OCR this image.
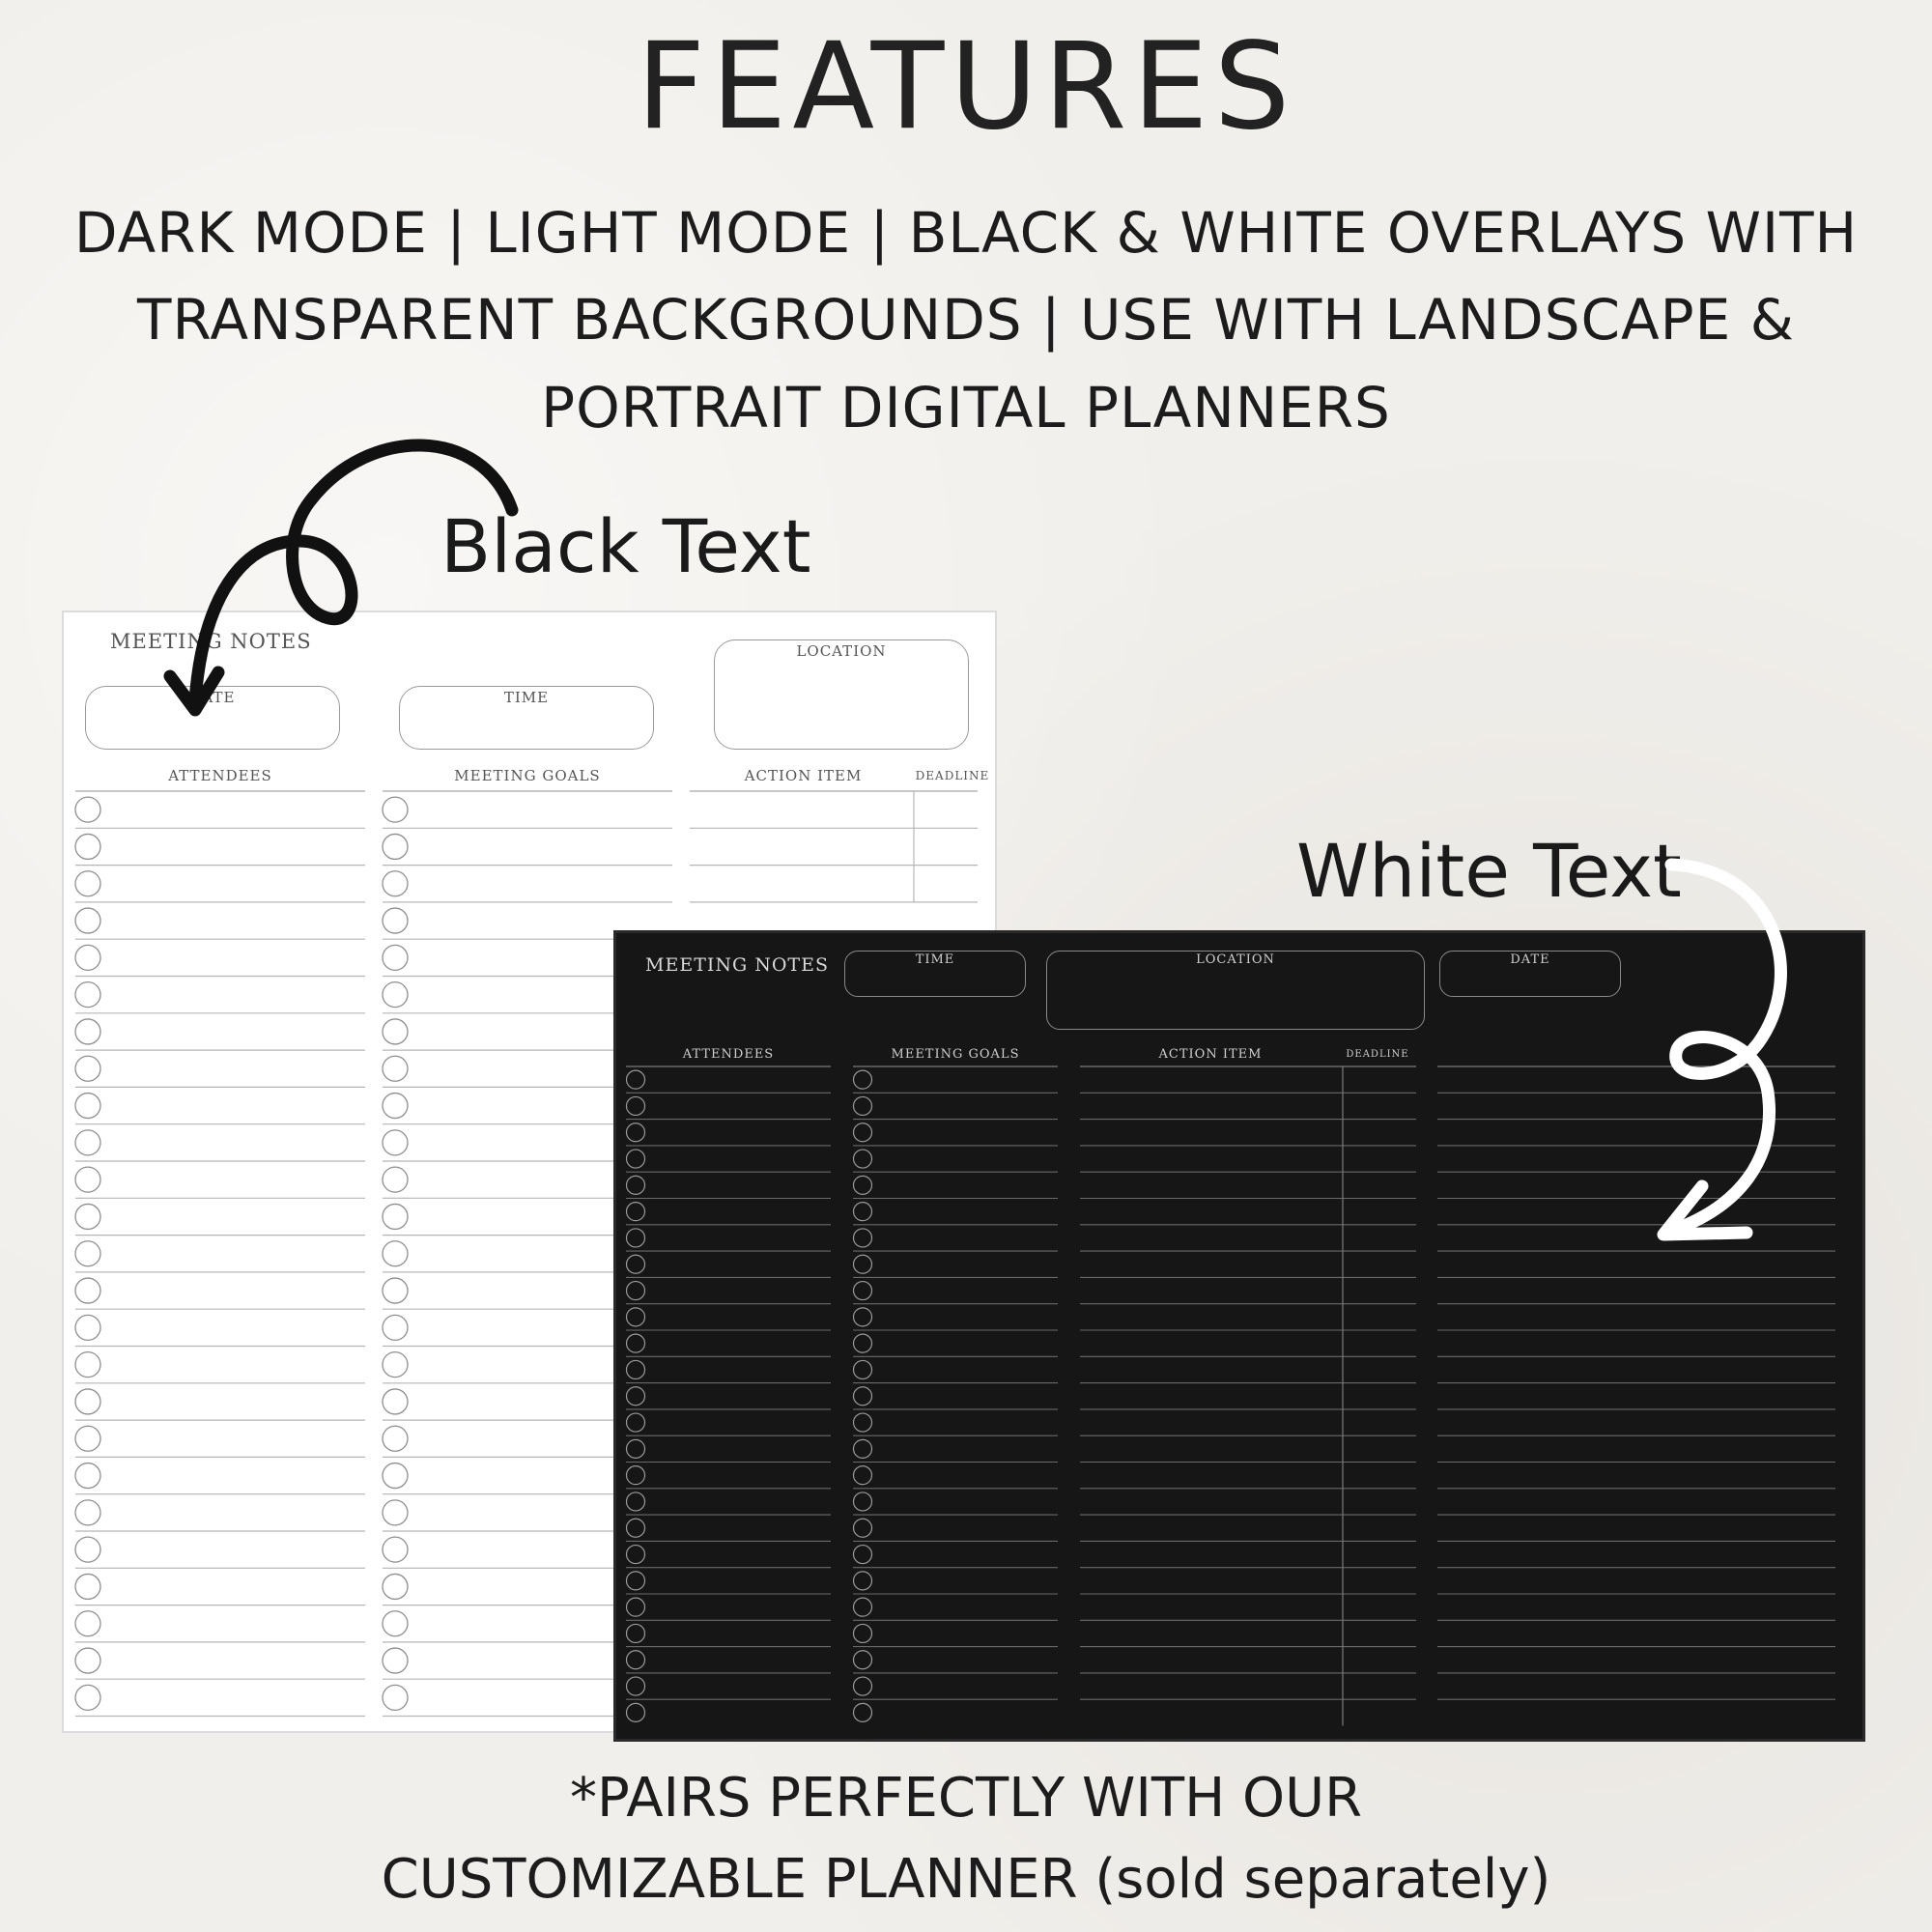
FEATURES
DARK MODE | LIGHT MODE | BLACK & WHITE OVERLAYS WITH
TRANSPARENT BACKGROUNDS | USE WITH LANDSCAPE &
PORTRAIT DIGITAL PLANNERS
Black Text
MEETING NOTES
DATE	TIME
LOCATION
ATTENDEES	MEETING GOALS	ACTION ITEM	DEADLINE
MEETING NOTES	TIME	LOCATION	DATE
ATTENDEES	MEETING GOALS	ACTION ITEM	DEADLINE
White Text
*PAIRS PERFECTLY WITH OUR
CUSTOMIZABLE PLANNER (sold separately)
